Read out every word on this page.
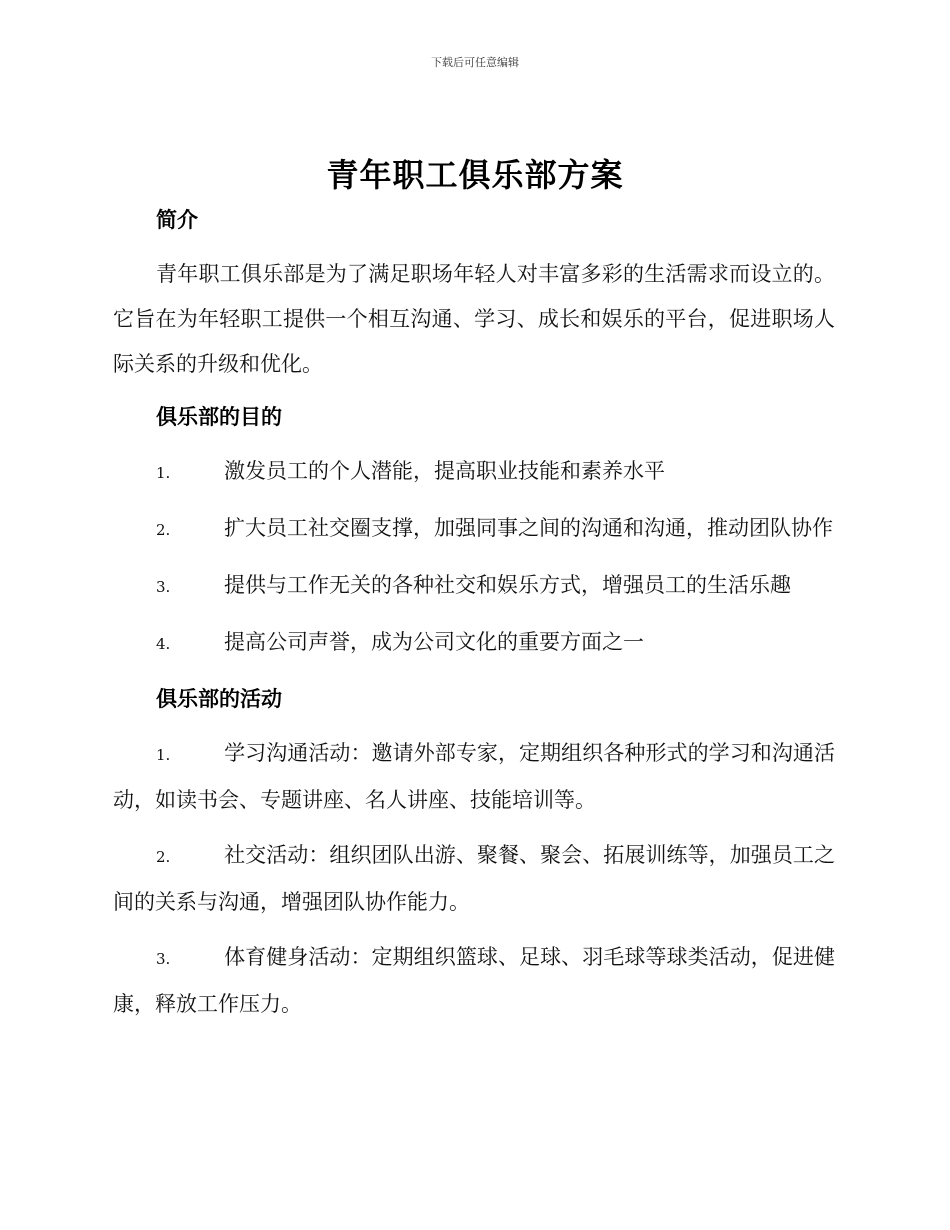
下载后可任意编辑
青年职工俱乐部方案
简介

青年职工俱乐部是为了满足职场年轻人对丰富多彩的生活需求而设立的。它旨在为年轻职工提供一个相互沟通、学习、成长和娱乐的平台，促进职场人际关系的升级和优化。

俱乐部的目的

1.	激发员工的个人潜能，提高职业技能和素养水平

2.	扩大员工社交圈支撑，加强同事之间的沟通和沟通，推动团队协作

3.	提供与工作无关的各种社交和娱乐方式，增强员工的生活乐趣

4.	提高公司声誉，成为公司文化的重要方面之一

俱乐部的活动

1.	学习沟通活动：邀请外部专家，定期组织各种形式的学习和沟通活动，如读书会、专题讲座、名人讲座、技能培训等。

2.	社交活动：组织团队出游、聚餐、聚会、拓展训练等，加强员工之间的关系与沟通，增强团队协作能力。

3.	体育健身活动：定期组织篮球、足球、羽毛球等球类活动，促进健康，释放工作压力。
